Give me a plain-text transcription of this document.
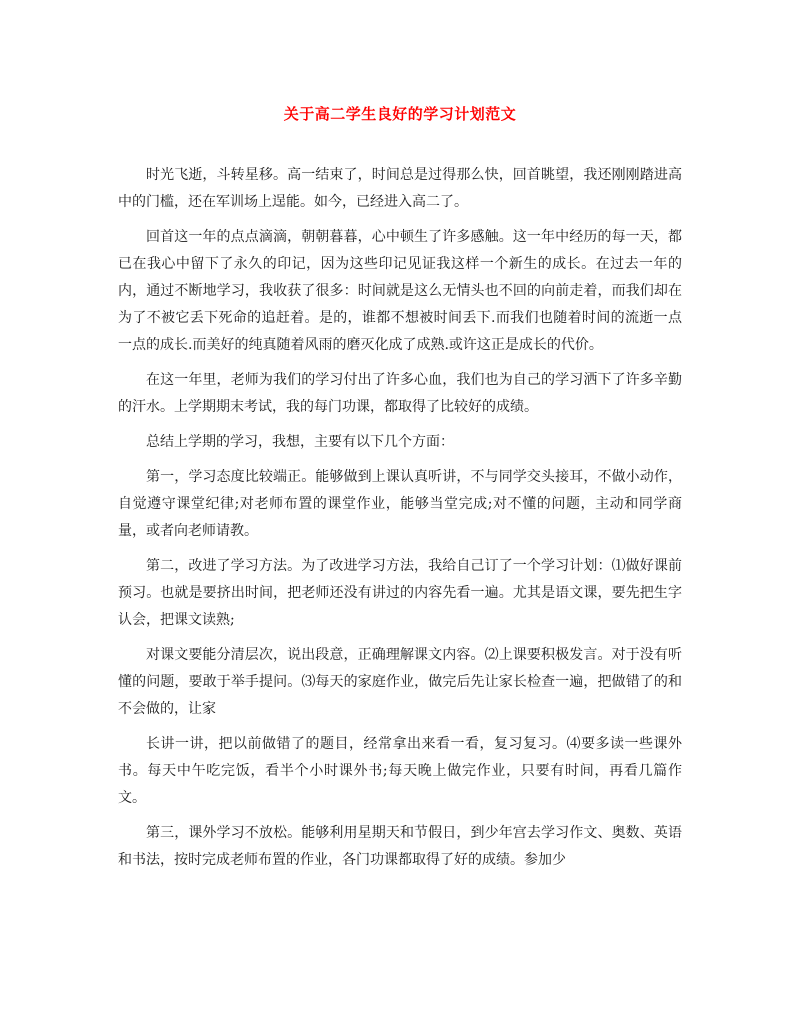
关于高二学生良好的学习计划范文

时光飞逝，斗转星移。高一结束了，时间总是过得那么快，回首眺望，我还刚刚踏进高中的门槛，还在军训场上逞能。如今，已经进入高二了。

回首这一年的点点滴滴，朝朝暮暮，心中顿生了许多感触。这一年中经历的每一天，都已在我心中留下了永久的印记，因为这些印记见证我这样一个新生的成长。在过去一年的内，通过不断地学习，我收获了很多：时间就是这么无情头也不回的向前走着，而我们却在为了不被它丢下死命的追赶着。是的，谁都不想被时间丢下.而我们也随着时间的流逝一点一点的成长.而美好的纯真随着风雨的磨灭化成了成熟.或许这正是成长的代价。

在这一年里，老师为我们的学习付出了许多心血，我们也为自己的学习洒下了许多辛勤的汗水。上学期期末考试，我的每门功课，都取得了比较好的成绩。

总结上学期的学习，我想，主要有以下几个方面：

第一，学习态度比较端正。能够做到上课认真听讲，不与同学交头接耳，不做小动作，自觉遵守课堂纪律;对老师布置的课堂作业，能够当堂完成;对不懂的问题，主动和同学商量，或者向老师请教。

第二，改进了学习方法。为了改进学习方法，我给自己订了一个学习计划：⑴做好课前预习。也就是要挤出时间，把老师还没有讲过的内容先看一遍。尤其是语文课，要先把生字认会，把课文读熟;

对课文要能分清层次，说出段意，正确理解课文内容。⑵上课要积极发言。对于没有听懂的问题，要敢于举手提问。⑶每天的家庭作业，做完后先让家长检查一遍，把做错了的和不会做的，让家

长讲一讲，把以前做错了的题目，经常拿出来看一看，复习复习。⑷要多读一些课外书。每天中午吃完饭，看半个小时课外书;每天晚上做完作业，只要有时间，再看几篇作文。

第三，课外学习不放松。能够利用星期天和节假日，到少年宫去学习作文、奥数、英语和书法，按时完成老师布置的作业，各门功课都取得了好的成绩。参加少
